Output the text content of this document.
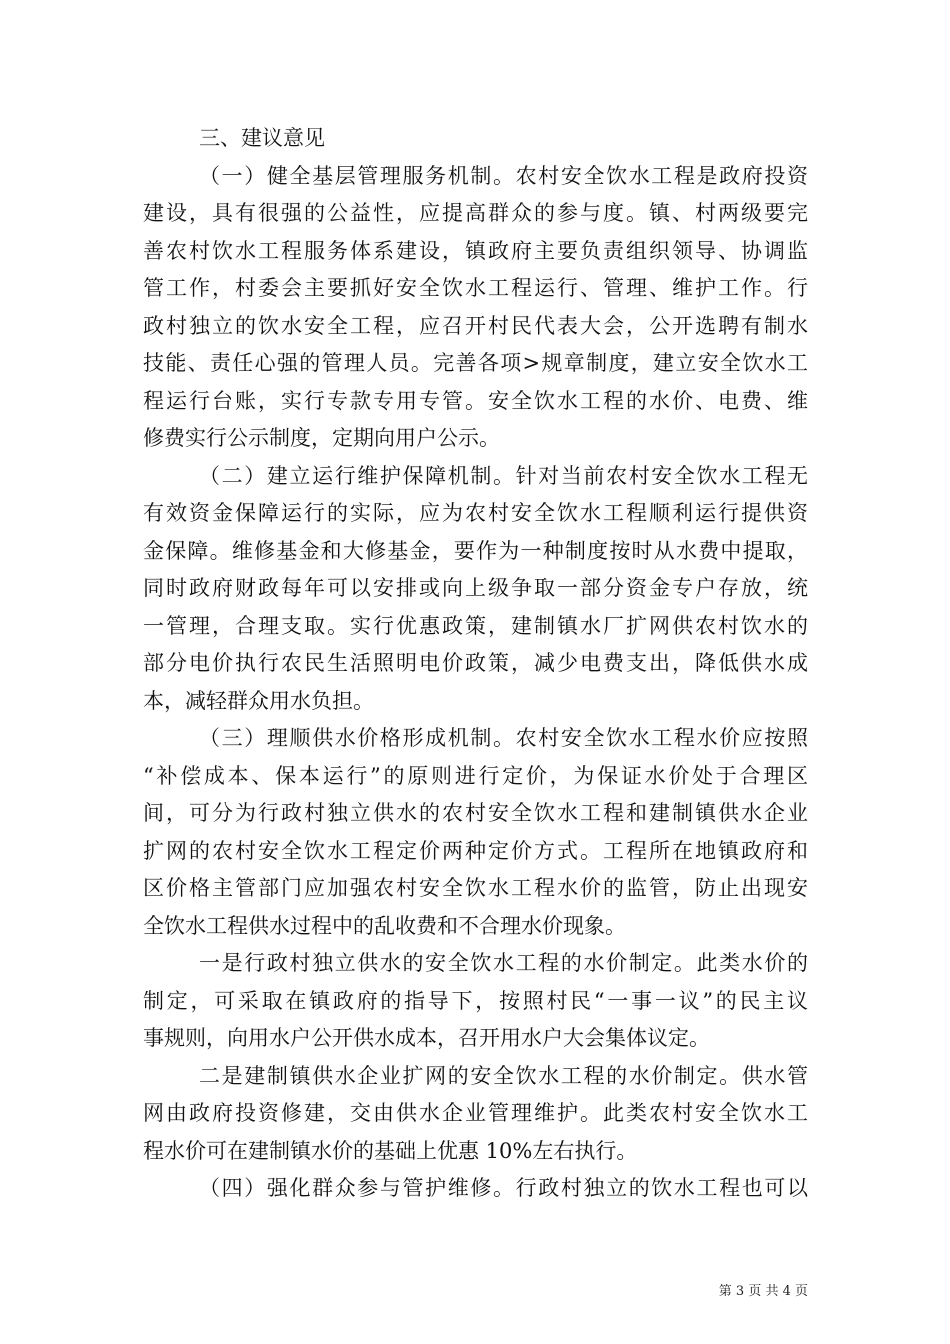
三、建议意见
（一）健全基层管理服务机制。农村安全饮水工程是政府投资
建设，具有很强的公益性，应提高群众的参与度。镇、村两级要完
善农村饮水工程服务体系建设，镇政府主要负责组织领导、协调监
管工作，村委会主要抓好安全饮水工程运行、管理、维护工作。行
政村独立的饮水安全工程，应召开村民代表大会，公开选聘有制水
技能、责任心强的管理人员。完善各项>规章制度，建立安全饮水工
程运行台账，实行专款专用专管。安全饮水工程的水价、电费、维
修费实行公示制度，定期向用户公示。
（二）建立运行维护保障机制。针对当前农村安全饮水工程无
有效资金保障运行的实际，应为农村安全饮水工程顺利运行提供资
金保障。维修基金和大修基金，要作为一种制度按时从水费中提取，
同时政府财政每年可以安排或向上级争取一部分资金专户存放，统
一管理，合理支取。实行优惠政策，建制镇水厂扩网供农村饮水的
部分电价执行农民生活照明电价政策，减少电费支出，降低供水成
本，减轻群众用水负担。
（三）理顺供水价格形成机制。农村安全饮水工程水价应按照
“补偿成本、保本运行”的原则进行定价，为保证水价处于合理区
间，可分为行政村独立供水的农村安全饮水工程和建制镇供水企业
扩网的农村安全饮水工程定价两种定价方式。工程所在地镇政府和
区价格主管部门应加强农村安全饮水工程水价的监管，防止出现安
全饮水工程供水过程中的乱收费和不合理水价现象。
一是行政村独立供水的安全饮水工程的水价制定。此类水价的
制定，可采取在镇政府的指导下，按照村民“一事一议”的民主议
事规则，向用水户公开供水成本，召开用水户大会集体议定。
二是建制镇供水企业扩网的安全饮水工程的水价制定。供水管
网由政府投资修建，交由供水企业管理维护。此类农村安全饮水工
程水价可在建制镇水价的基础上优惠 10%左右执行。
（四）强化群众参与管护维修。行政村独立的饮水工程也可以
第 3 页 共 4 页
